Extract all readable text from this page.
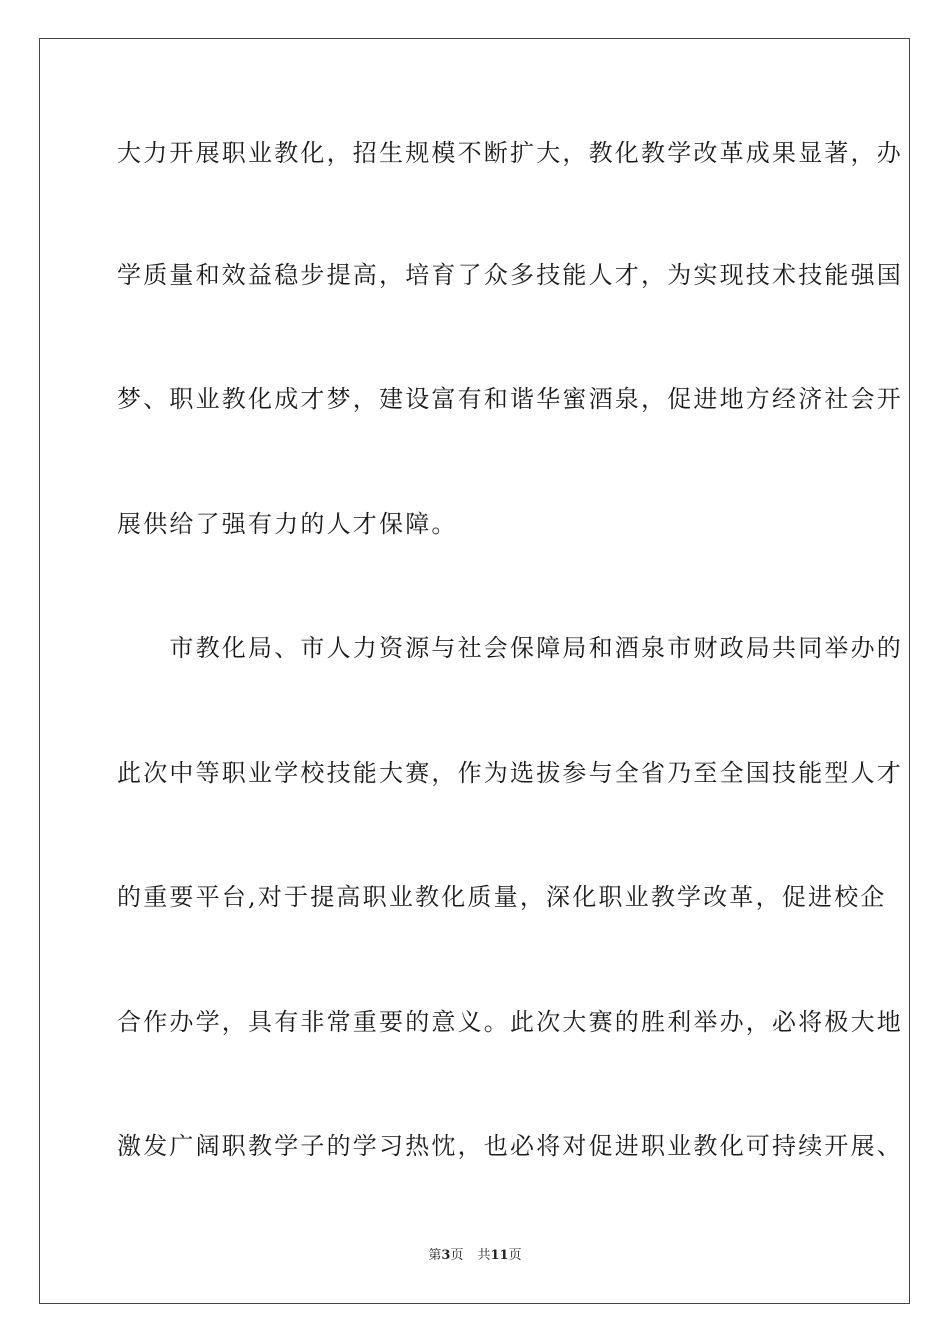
大力开展职业教化，招生规模不断扩大，教化教学改革成果显著，办
学质量和效益稳步提高，培育了众多技能人才，为实现技术技能强国
梦、职业教化成才梦，建设富有和谐华蜜酒泉，促进地方经济社会开
展供给了强有力的人才保障。
　　市教化局、市人力资源与社会保障局和酒泉市财政局共同举办的
此次中等职业学校技能大赛，作为选拔参与全省乃至全国技能型人才
的重要平台,对于提高职业教化质量，深化职业教学改革，促进校企
合作办学，具有非常重要的意义。此次大赛的胜利举办，必将极大地
激发广阔职教学子的学习热忱，也必将对促进职业教化可持续开展、
第3页 共11页
